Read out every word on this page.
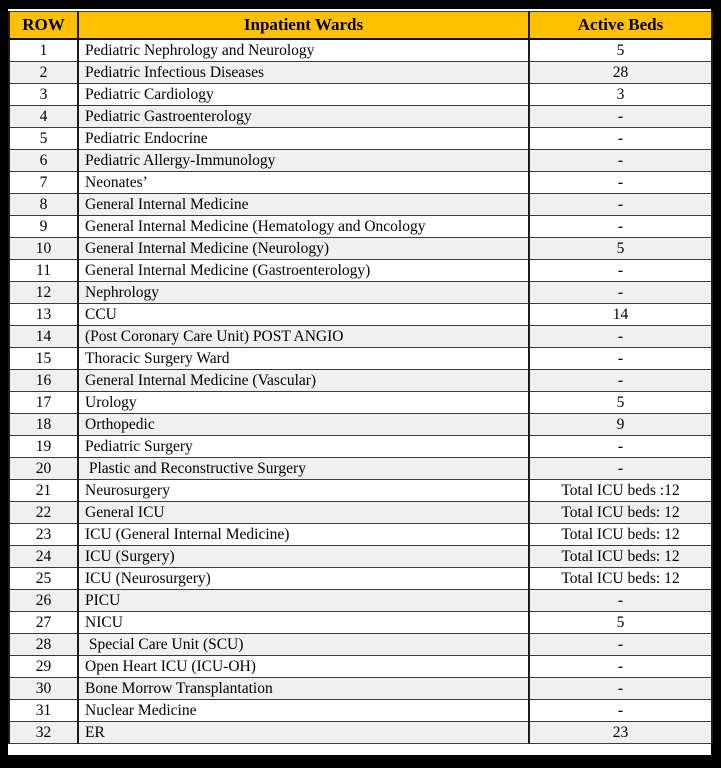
ROW	Inpatient Wards	Active Beds
1	Pediatric Nephrology and Neurology	5
2	Pediatric Infectious Diseases	28
3	Pediatric Cardiology	3
4	Pediatric Gastroenterology	-
5	Pediatric Endocrine	-
6	Pediatric Allergy-Immunology	-
7	Neonates’	-
8	General Internal Medicine	-
9	General Internal Medicine (Hematology and Oncology	-
10	General Internal Medicine (Neurology)	5
11	General Internal Medicine (Gastroenterology)	-
12	Nephrology	-
13	CCU	14
14	(Post Coronary Care Unit) POST ANGIO	-
15	Thoracic Surgery Ward	-
16	General Internal Medicine (Vascular)	-
17	Urology	5
18	Orthopedic	9
19	Pediatric Surgery	-
20	Plastic and Reconstructive Surgery	-
21	Neurosurgery	Total ICU beds :12
22	General ICU	Total ICU beds: 12
23	ICU (General Internal Medicine)	Total ICU beds: 12
24	ICU (Surgery)	Total ICU beds: 12
25	ICU (Neurosurgery)	Total ICU beds: 12
26	PICU	-
27	NICU	5
28	Special Care Unit (SCU)	-
29	Open Heart ICU (ICU-OH)	-
30	Bone Morrow Transplantation	-
31	Nuclear Medicine	-
32	ER	23
